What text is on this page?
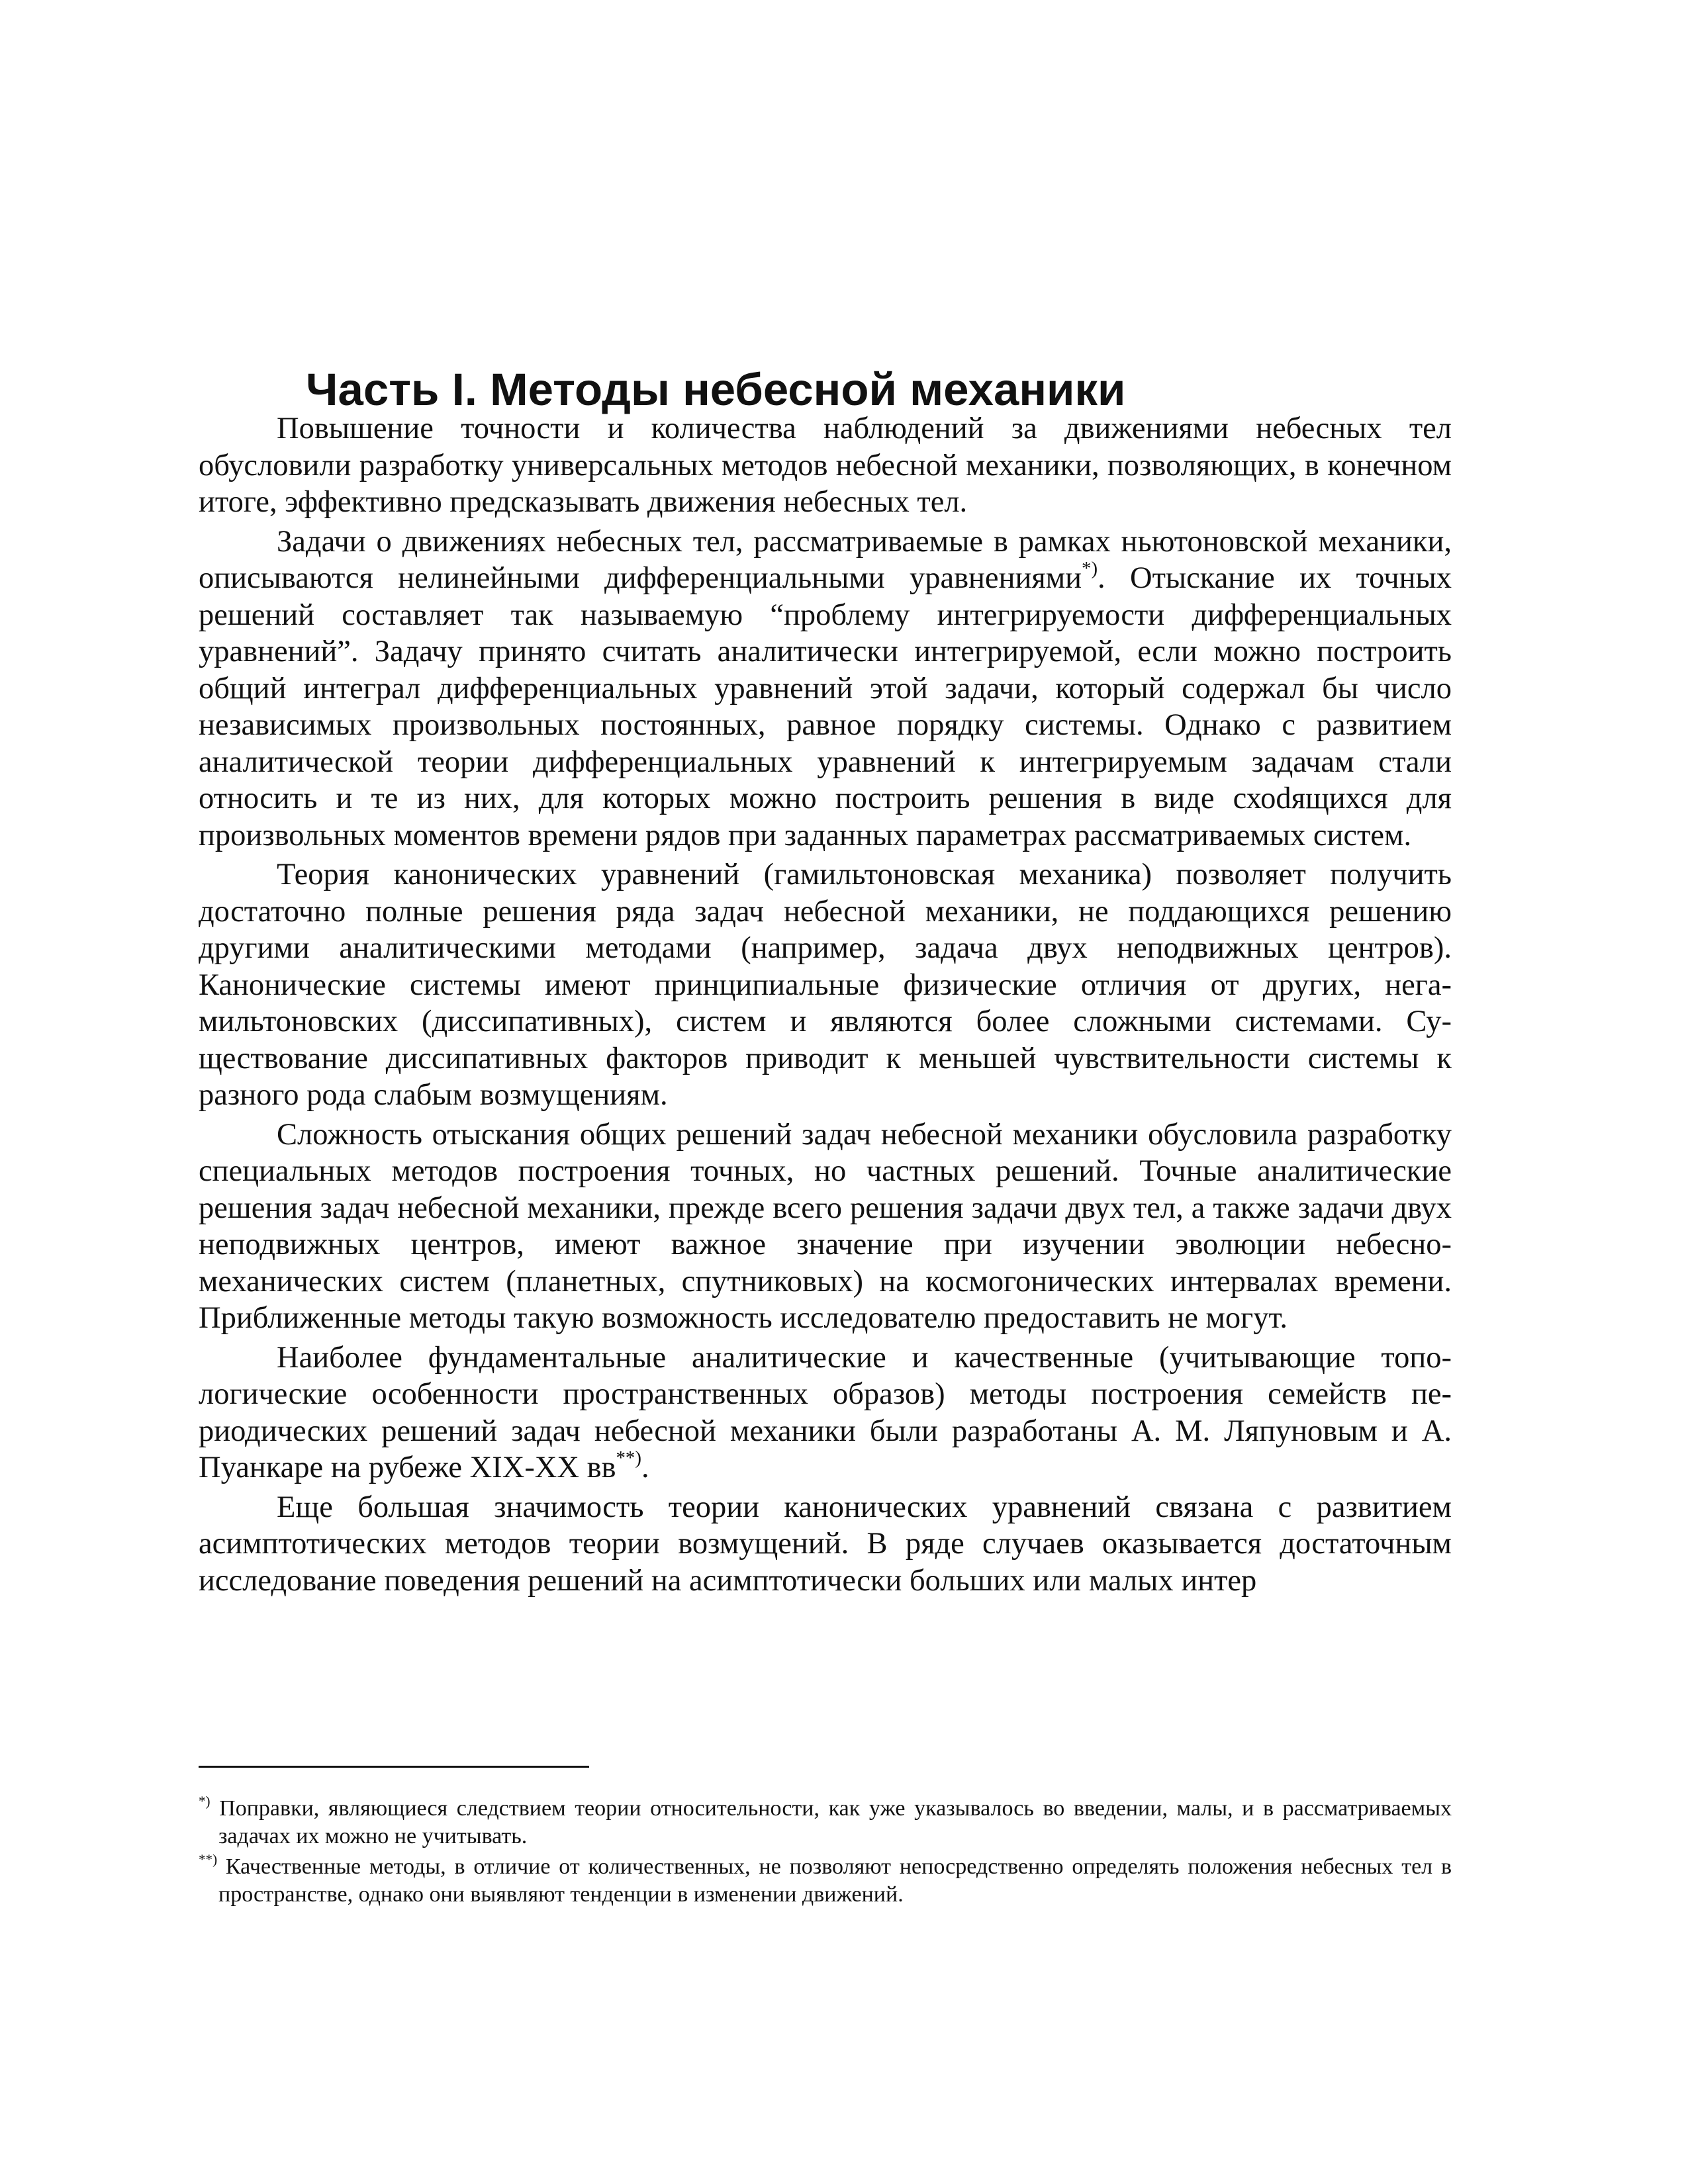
Часть I. Методы небесной механики

Повышение точности и количества наблюдений за движениями небесных тел обусловили разработку универсальных методов небесной механики, позволяющих, в конечном итоге, эффективно предсказывать движения небесных тел.

Задачи о движениях небесных тел, рассматриваемые в рамках ньютоновской механики, описываются нелинейными дифференциальными уравнениями*). Отыскание их точных решений составляет так называемую “проблему интегрируемости дифференциальных уравнений”. Задачу принято считать аналитически интегрируемой, если можно построить общий интеграл дифференциальных уравнений этой задачи, который содержал бы число независимых произвольных постоянных, равное порядку системы. Однако с развитием аналитической теории дифференциальных уравнений к интегрируемым задачам стали относить и те из них, для которых можно построить решения в виде схоdящихся для произвольных моментов времени рядов при заданных параметрах рассматриваемых систем.

Теория канонических уравнений (гамильтоновская механика) позволяет получить достаточно полные решения ряда задач небесной механики, не поддающихся решению другими аналитическими методами (например, задача двух неподвижных центров). Канонические системы имеют принципиальные физические отличия от других, негамильтоновских (диссипативных), систем и являются более сложными системами. Существование диссипативных факторов приводит к меньшей чувствительности системы к разного рода слабым возмущениям.

Сложность отыскания общих решений задач небесной механики обусловила разработку специальных методов построения точных, но частных решений. Точные аналитические решения задач небесной механики, прежде всего решения задачи двух тел, а также задачи двух неподвижных центров, имеют важное значение при изучении эволюции небесно-механических систем (планетных, спутниковых) на космогонических интервалах времени. Приближенные методы такую возможность исследователю предоставить не могут.

Наиболее фундаментальные аналитические и качественные (учитывающие топологические особенности пространственных образов) методы построения семейств периодических решений задач небесной механики были разработаны А. М. Ляпуновым и А. Пуанкаре на рубеже XIX-XX вв**).

Еще большая значимость теории канонических уравнений связана с развитием асимптотических методов теории возмущений. В ряде случаев оказывается достаточным исследование поведения решений на асимптотически больших или малых интер

*) Поправки, являющиеся следствием теории относительности, как уже указывалось во введении, малы, и в рассматриваемых задачах их можно не учитывать.

**) Качественные методы, в отличие от количественных, не позволяют непосредственно определять положения небесных тел в пространстве, однако они выявляют тенденции в изменении движений.
